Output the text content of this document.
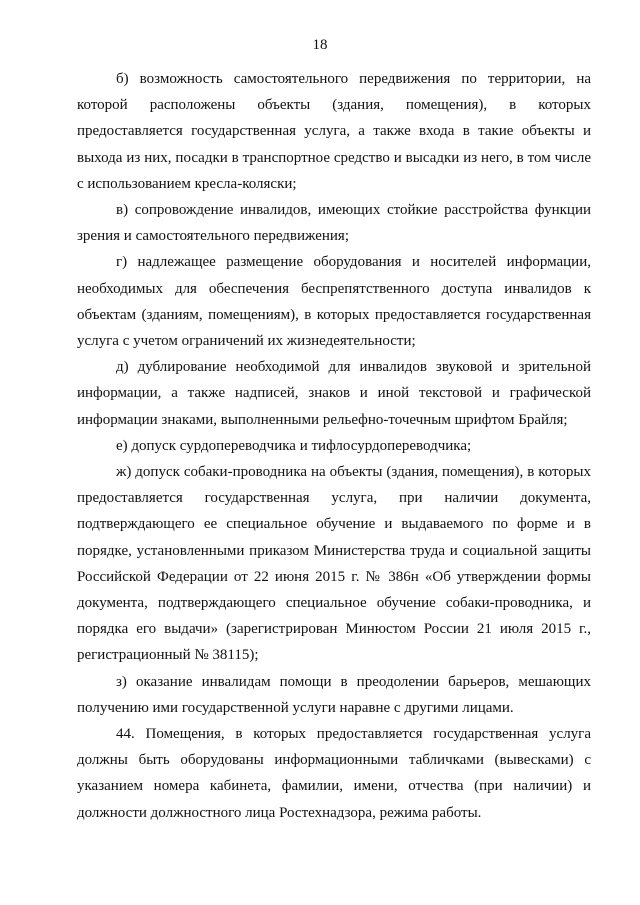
18

б) возможность самостоятельного передвижения по территории, на которой расположены объекты (здания, помещения), в которых предоставляется государственная услуга, а также входа в такие объекты и выхода из них, посадки в транспортное средство и высадки из него, в том числе с использованием кресла-коляски;

в) сопровождение инвалидов, имеющих стойкие расстройства функции зрения и самостоятельного передвижения;

г) надлежащее размещение оборудования и носителей информации, необходимых для обеспечения беспрепятственного доступа инвалидов к объектам (зданиям, помещениям), в которых предоставляется государственная услуга с учетом ограничений их жизнедеятельности;

д) дублирование необходимой для инвалидов звуковой и зрительной информации, а также надписей, знаков и иной текстовой и графической информации знаками, выполненными рельефно-точечным шрифтом Брайля;

е) допуск сурдопереводчика и тифлосурдопереводчика;

ж) допуск собаки-проводника на объекты (здания, помещения), в которых предоставляется государственная услуга, при наличии документа, подтверждающего ее специальное обучение и выдаваемого по форме и в порядке, установленными приказом Министерства труда и социальной защиты Российской Федерации от 22 июня 2015 г. № 386н «Об утверждении формы документа, подтверждающего специальное обучение собаки-проводника, и порядка его выдачи» (зарегистрирован Минюстом России 21 июля 2015 г., регистрационный № 38115);

з) оказание инвалидам помощи в преодолении барьеров, мешающих получению ими государственной услуги наравне с другими лицами.

44. Помещения, в которых предоставляется государственная услуга должны быть оборудованы информационными табличками (вывесками) с указанием номера кабинета, фамилии, имени, отчества (при наличии) и должности должностного лица Ростехнадзора, режима работы.
